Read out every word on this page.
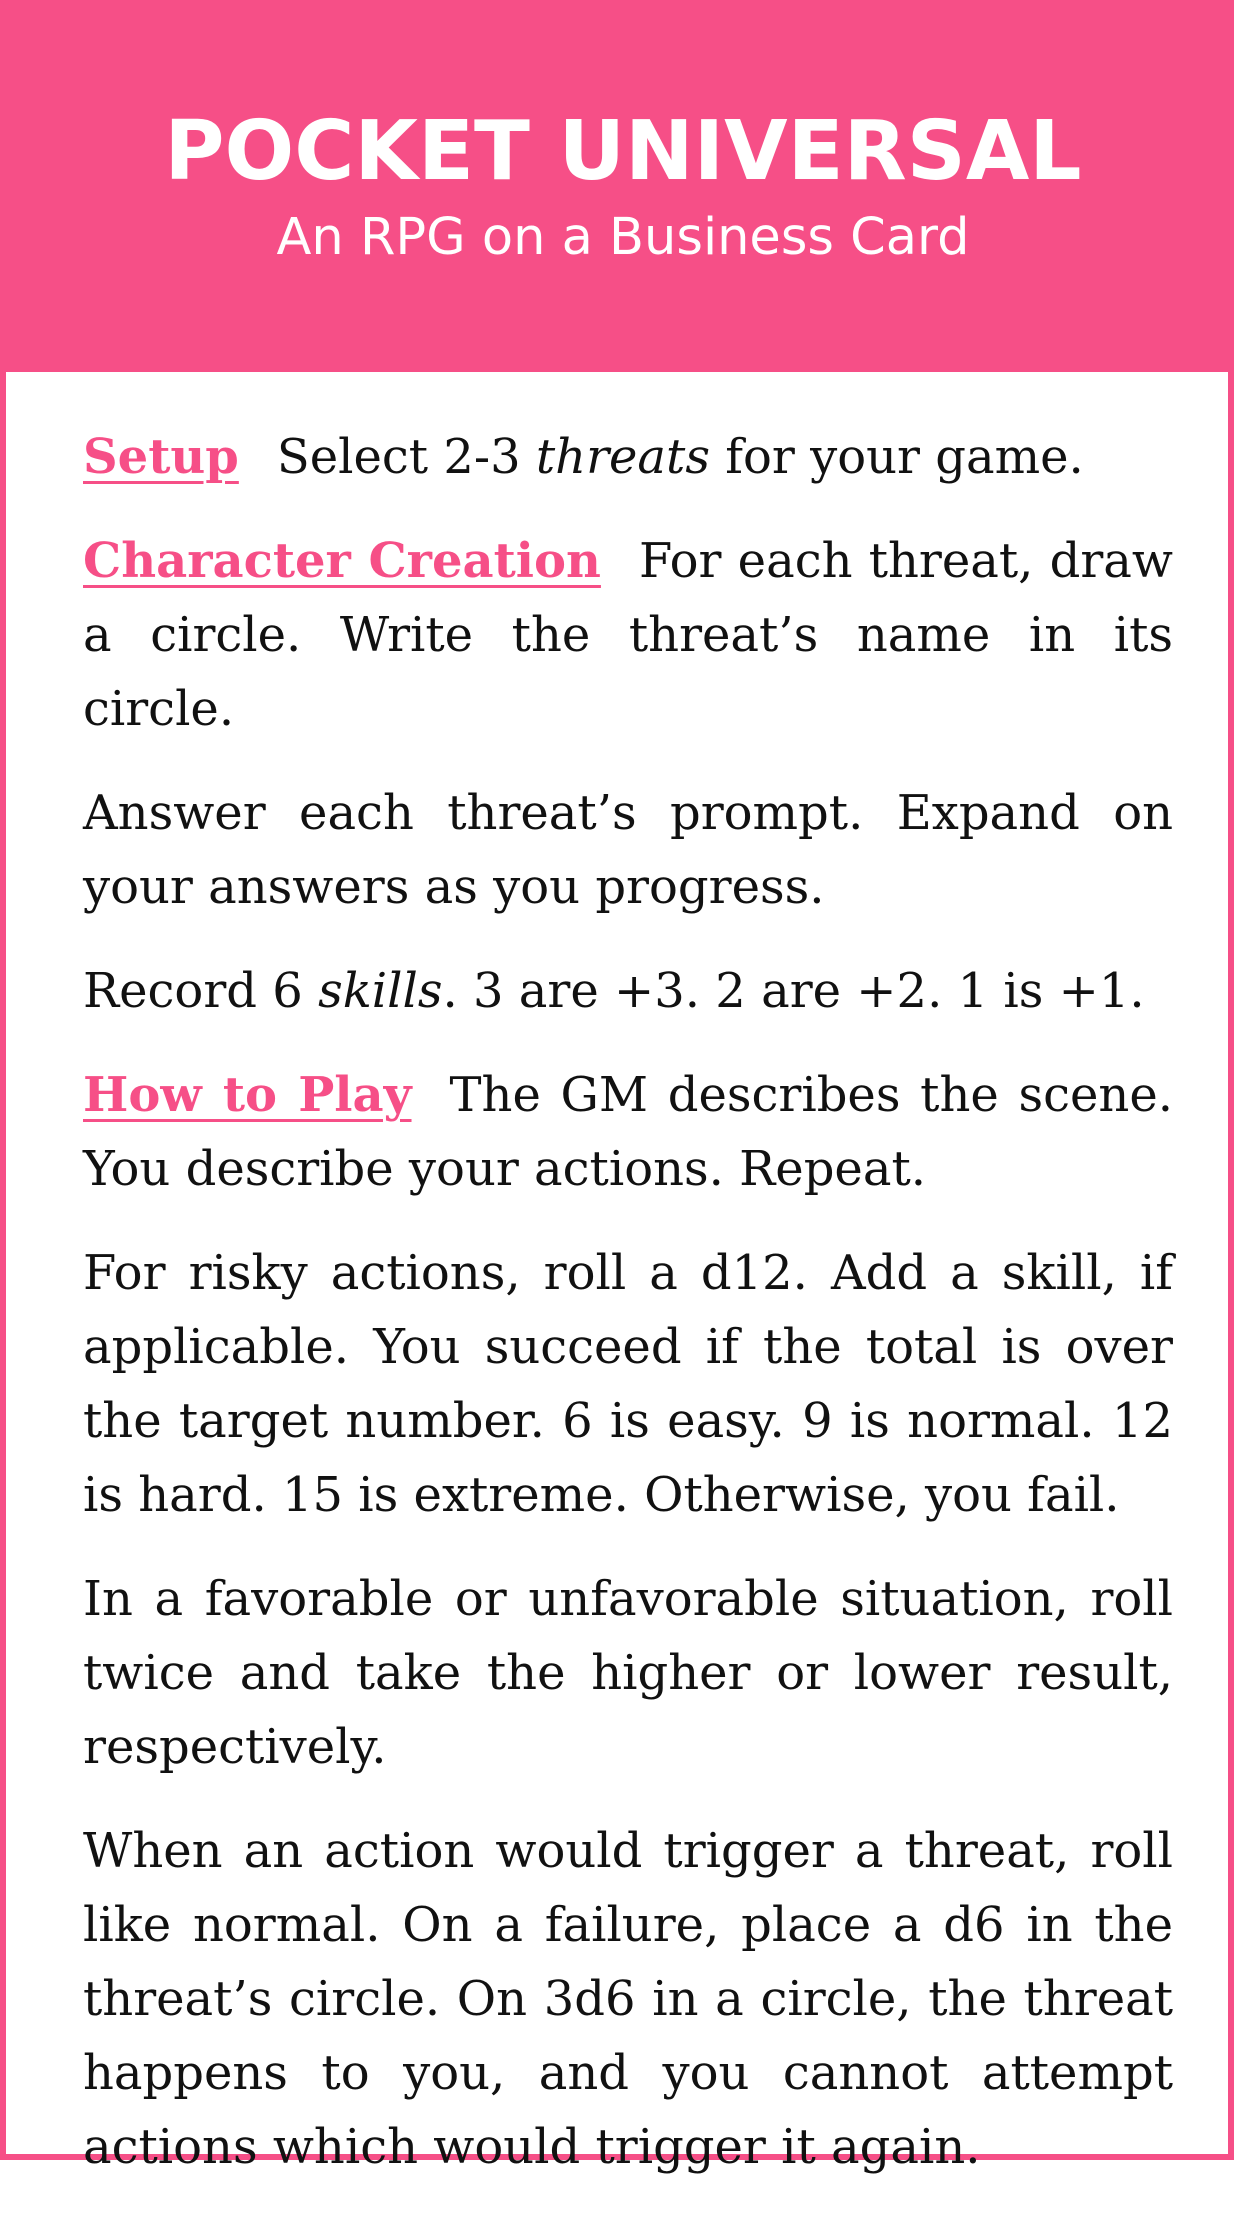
POCKET UNIVERSAL

An RPG on a Business Card

Setup Select 2-3 threats for your game.

Character Creation For each threat, draw a circle. Write the threat’s name in its circle.

Answer each threat’s prompt. Expand on your answers as you progress.

Record 6 skills. 3 are +3. 2 are +2. 1 is +1.

How to Play The GM describes the scene. You describe your actions. Repeat.

For risky actions, roll a d12. Add a skill, if applicable. You succeed if the total is over the target number. 6 is easy. 9 is normal. 12 is hard. 15 is extreme. Otherwise, you fail.

In a favorable or unfavorable situation, roll twice and take the higher or lower result, respectively.

When an action would trigger a threat, roll like normal. On a failure, place a d6 in the threat’s circle. On 3d6 in a circle, the threat happens to you, and you cannot attempt actions which would trigger it again.
